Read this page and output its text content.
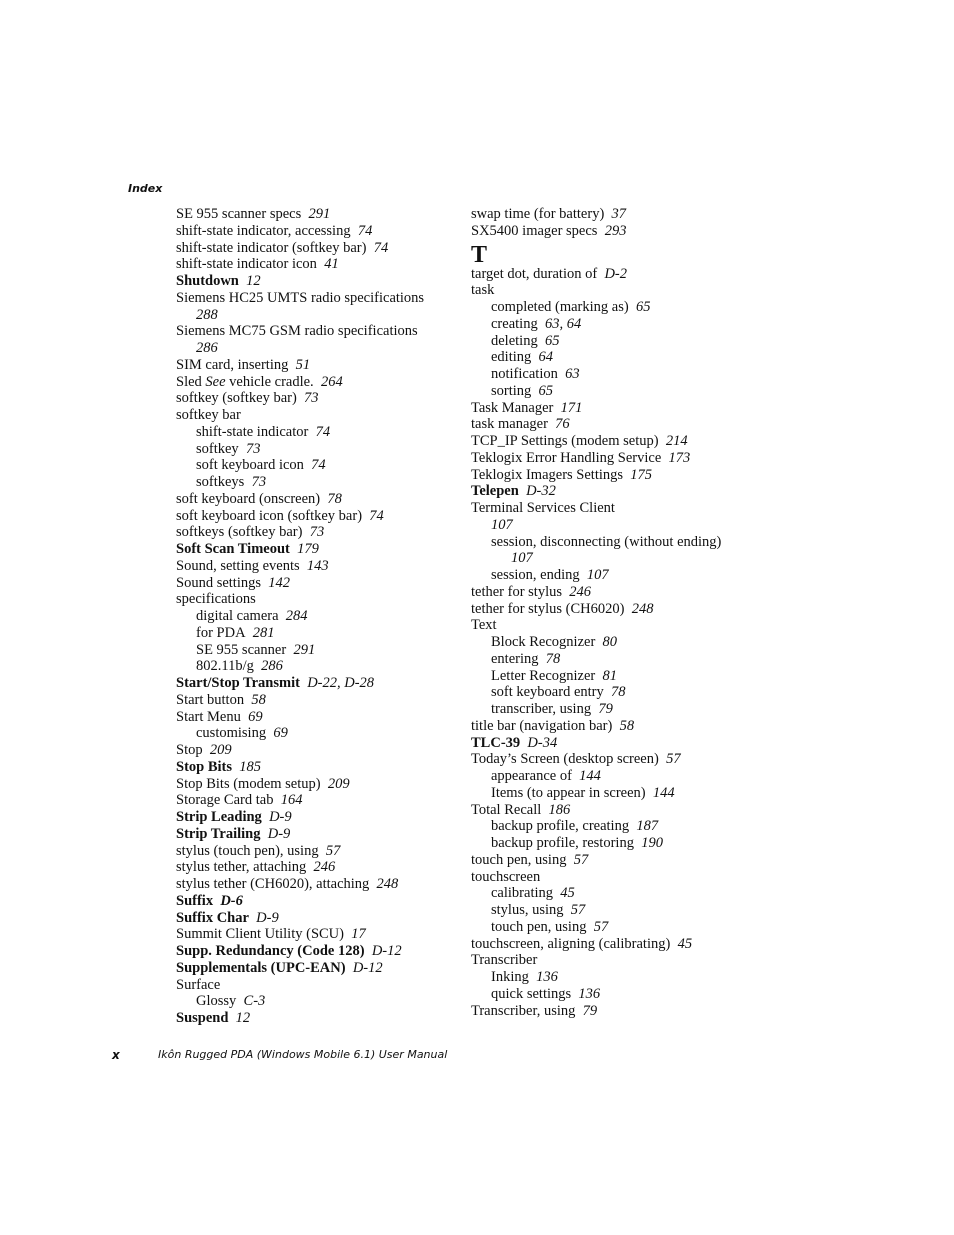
Index
SE 955 scanner specs 291
shift-state indicator, accessing 74
shift-state indicator (softkey bar) 74
shift-state indicator icon 41
Shutdown 12
Siemens HC25 UMTS radio specifications
288
Siemens MC75 GSM radio specifications
286
SIM card, inserting 51
Sled See vehicle cradle. 264
softkey (softkey bar) 73
softkey bar
shift-state indicator 74
softkey 73
soft keyboard icon 74
softkeys 73
soft keyboard (onscreen) 78
soft keyboard icon (softkey bar) 74
softkeys (softkey bar) 73
Soft Scan Timeout 179
Sound, setting events 143
Sound settings 142
specifications
digital camera 284
for PDA 281
SE 955 scanner 291
802.11b/g 286
Start/Stop Transmit D-22, D-28
Start button 58
Start Menu 69
customising 69
Stop 209
Stop Bits 185
Stop Bits (modem setup) 209
Storage Card tab 164
Strip Leading D-9
Strip Trailing D-9
stylus (touch pen), using 57
stylus tether, attaching 246
stylus tether (CH6020), attaching 248
Suffix D-6
Suffix Char D-9
Summit Client Utility (SCU) 17
Supp. Redundancy (Code 128) D-12
Supplementals (UPC-EAN) D-12
Surface
Glossy C-3
Suspend 12
swap time (for battery) 37
SX5400 imager specs 293
T
target dot, duration of D-2
task
completed (marking as) 65
creating 63, 64
deleting 65
editing 64
notification 63
sorting 65
Task Manager 171
task manager 76
TCP_IP Settings (modem setup) 214
Teklogix Error Handling Service 173
Teklogix Imagers Settings 175
Telepen D-32
Terminal Services Client
107
session, disconnecting (without ending)
107
session, ending 107
tether for stylus 246
tether for stylus (CH6020) 248
Text
Block Recognizer 80
entering 78
Letter Recognizer 81
soft keyboard entry 78
transcriber, using 79
title bar (navigation bar) 58
TLC-39 D-34
Today’s Screen (desktop screen) 57
appearance of 144
Items (to appear in screen) 144
Total Recall 186
backup profile, creating 187
backup profile, restoring 190
touch pen, using 57
touchscreen
calibrating 45
stylus, using 57
touch pen, using 57
touchscreen, aligning (calibrating) 45
Transcriber
Inking 136
quick settings 136
Transcriber, using 79
x	Ikôn Rugged PDA (Windows Mobile 6.1) User Manual
